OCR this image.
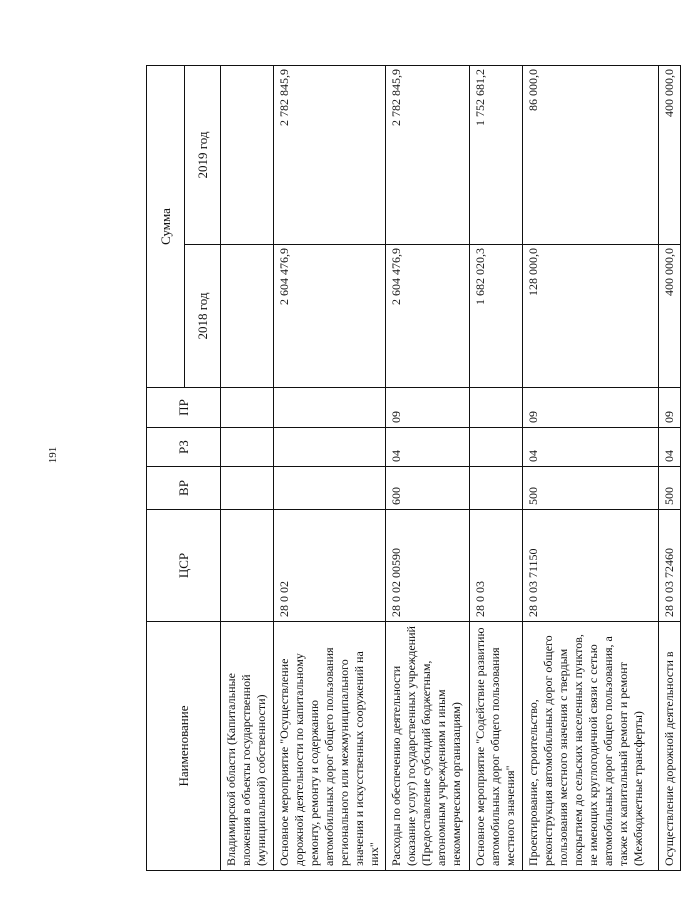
191
Наименование	ЦСР	ВР	РЗ	ПР	Сумма	
					2018 год	2019 год
Владимирской области (Капитальные вложения в объекты государственной (муниципальной) собственности)						
Основное мероприятие "Осуществление дорожной деятельности по капитальному ремонту, ремонту и содержанию автомобильных дорог общего пользования регионального или межмуниципального значения и искусственных сооружений на них"	28 0 02				2 604 476,9	2 782 845,9
Расходы по обеспечению деятельности (оказание услуг) государственных учреждений (Предоставление субсидий бюджетным, автономным учреждениям и иным некоммерческим организациям)	28 0 02 00590	600	04	09	2 604 476,9	2 782 845,9
Основное мероприятие "Содействие развитию автомобильных дорог общего пользования местного значения"	28 0 03				1 682 020,3	1 752 681,2
Проектирование, строительство, реконструкция автомобильных дорог общего пользования местного значения с твердым покрытием до сельских населенных пунктов, не имеющих круглогодичной связи с сетью автомобильных дорог общего пользования, а также их капитальный ремонт и ремонт (Межбюджетные трансферты)	28 0 03 71150	500	04	09	128 000,0	86 000,0
Осуществление дорожной деятельности в	28 0 03 72460	500	04	09	400 000,0	400 000,0
